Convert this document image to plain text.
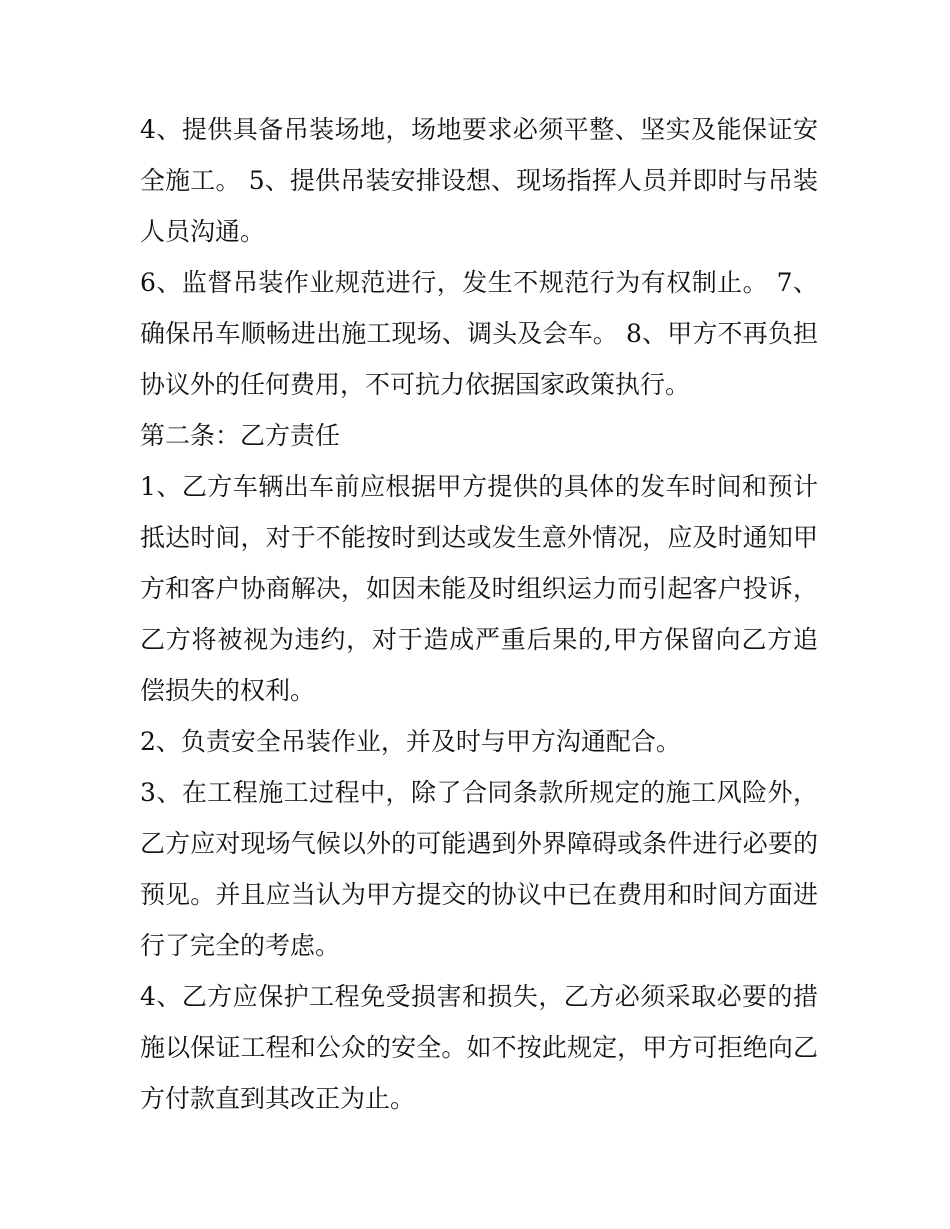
4、提供具备吊装场地，场地要求必须平整、坚实及能保证安全施工。 5、提供吊装安排设想、现场指挥人员并即时与吊装人员沟通。

6、监督吊装作业规范进行，发生不规范行为有权制止。 7、确保吊车顺畅进出施工现场、调头及会车。 8、甲方不再负担协议外的任何费用，不可抗力依据国家政策执行。

第二条：乙方责任

1、乙方车辆出车前应根据甲方提供的具体的发车时间和预计抵达时间，对于不能按时到达或发生意外情况，应及时通知甲方和客户协商解决，如因未能及时组织运力而引起客户投诉，乙方将被视为违约，对于造成严重后果的,甲方保留向乙方追偿损失的权利。

2、负责安全吊装作业，并及时与甲方沟通配合。

3、在工程施工过程中，除了合同条款所规定的施工风险外，乙方应对现场气候以外的可能遇到外界障碍或条件进行必要的预见。并且应当认为甲方提交的协议中已在费用和时间方面进行了完全的考虑。

4、乙方应保护工程免受损害和损失，乙方必须采取必要的措施以保证工程和公众的安全。如不按此规定，甲方可拒绝向乙方付款直到其改正为止。
